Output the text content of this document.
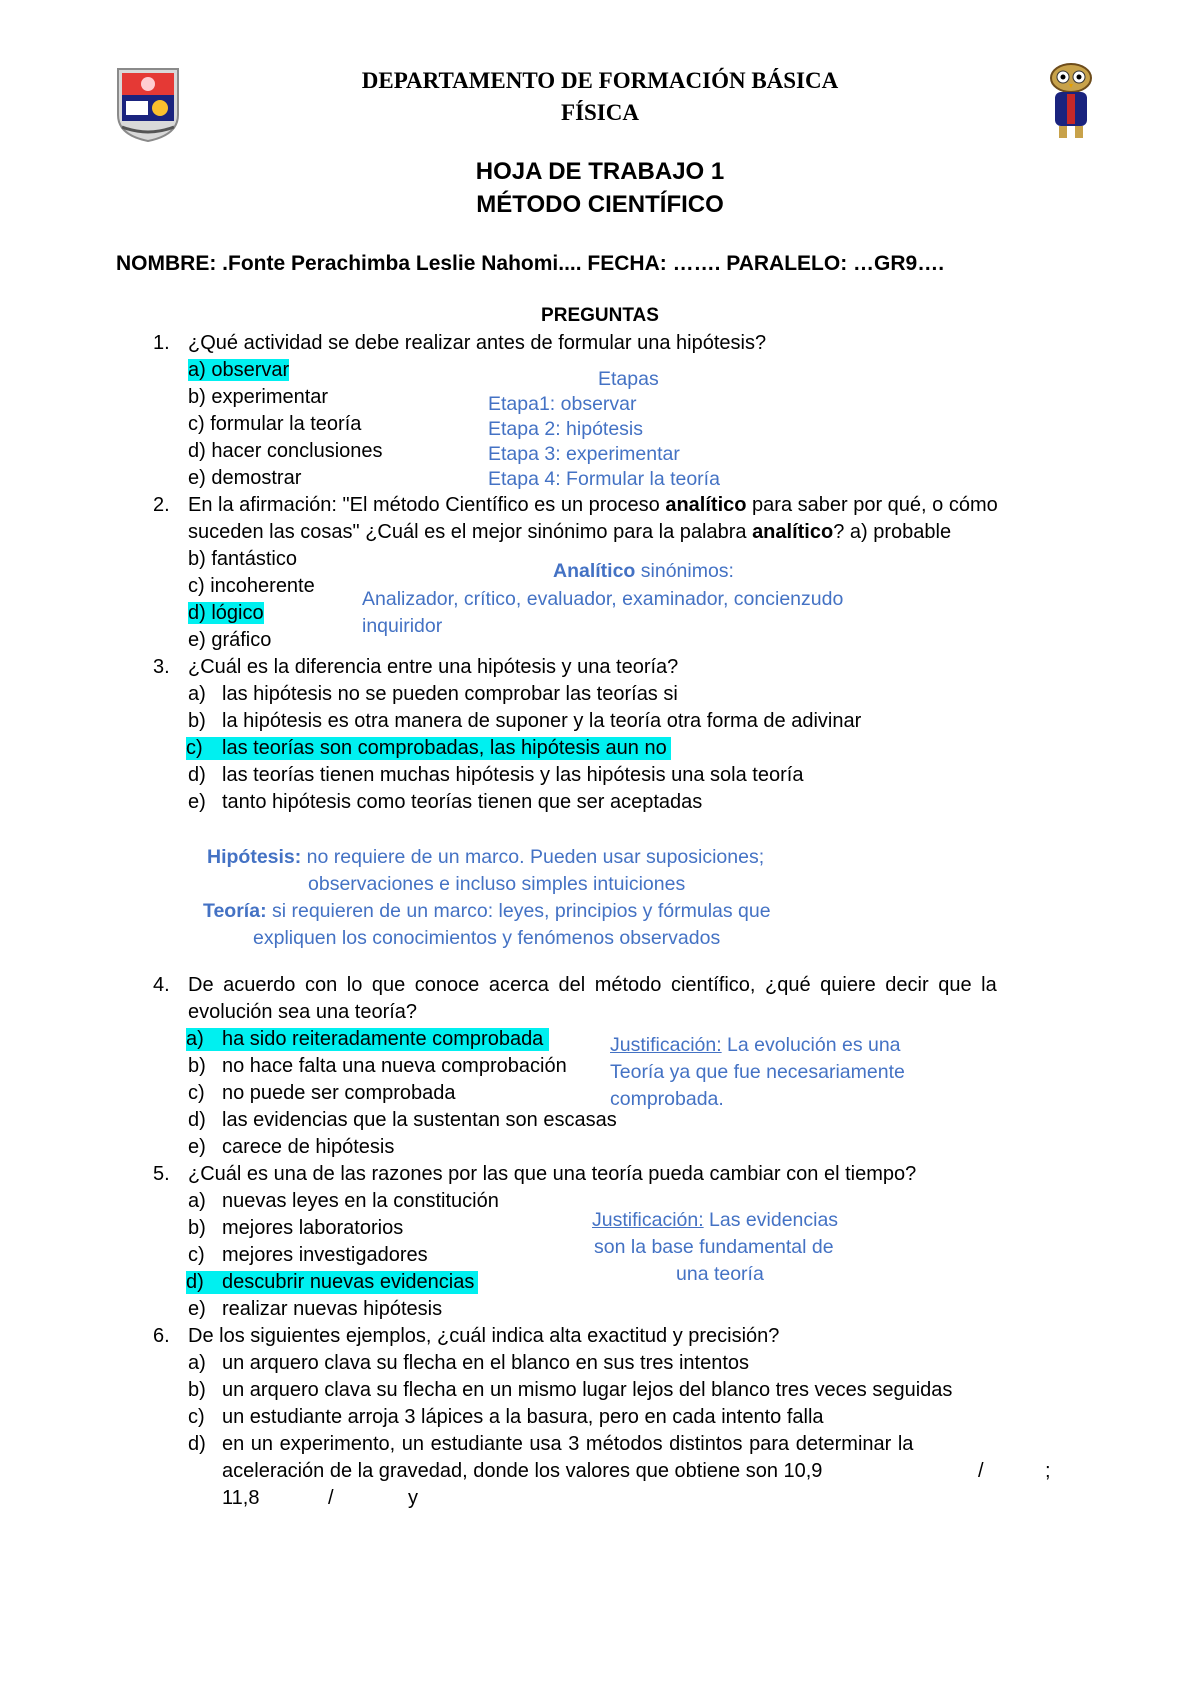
DEPARTAMENTO DE FORMACIÓN BÁSICA
FÍSICA
HOJA DE TRABAJO 1
MÉTODO CIENTÍFICO
NOMBRE: .Fonte Perachimba Leslie Nahomi.... FECHA: ……. PARALELO: …GR9….
PREGUNTAS
1. ¿Qué actividad se debe realizar antes de formular una hipótesis?
a) observar
b) experimentar
c) formular la teoría
d) hacer conclusiones
e) demostrar
Etapas
Etapa1: observar
Etapa 2: hipótesis
Etapa 3: experimentar
Etapa 4: Formular la teoría
2. En la afirmación: "El método Científico es un proceso analítico para saber por qué, o cómo
suceden las cosas" ¿Cuál es el mejor sinónimo para la palabra analítico? a) probable
b) fantástico
c) incoherente
d) lógico
e) gráfico
Analítico sinónimos:
Analizador, crítico, evaluador, examinador, concienzudo
inquiridor
3. ¿Cuál es la diferencia entre una hipótesis y una teoría?
a) las hipótesis no se pueden comprobar las teorías si
b) la hipótesis es otra manera de suponer y la teoría otra forma de adivinar
c) las teorías son comprobadas, las hipótesis aun no
d) las teorías tienen muchas hipótesis y las hipótesis una sola teoría
e) tanto hipótesis como teorías tienen que ser aceptadas
Hipótesis: no requiere de un marco. Pueden usar suposiciones;
observaciones e incluso simples intuiciones
Teoría: si requieren de un marco: leyes, principios y fórmulas que
expliquen los conocimientos y fenómenos observados
4. De acuerdo con lo que conoce acerca del método científico, ¿qué quiere decir que la
evolución sea una teoría?
a) ha sido reiteradamente comprobada
b) no hace falta una nueva comprobación
c) no puede ser comprobada
d) las evidencias que la sustentan son escasas
e) carece de hipótesis
Justificación: La evolución es una
Teoría ya que fue necesariamente
comprobada.
5. ¿Cuál es una de las razones por las que una teoría pueda cambiar con el tiempo?
a) nuevas leyes en la constitución
b) mejores laboratorios
c) mejores investigadores
d) descubrir nuevas evidencias
e) realizar nuevas hipótesis
Justificación: Las evidencias
son la base fundamental de
una teoría
6. De los siguientes ejemplos, ¿cuál indica alta exactitud y precisión?
a) un arquero clava su flecha en el blanco en sus tres intentos
b) un arquero clava su flecha en un mismo lugar lejos del blanco tres veces seguidas
c) un estudiante arroja 3 lápices a la basura, pero en cada intento falla
d) en un experimento, un estudiante usa 3 métodos distintos para determinar la
aceleración de la gravedad, donde los valores que obtiene son 10,9	/	;
11,8	/	y
